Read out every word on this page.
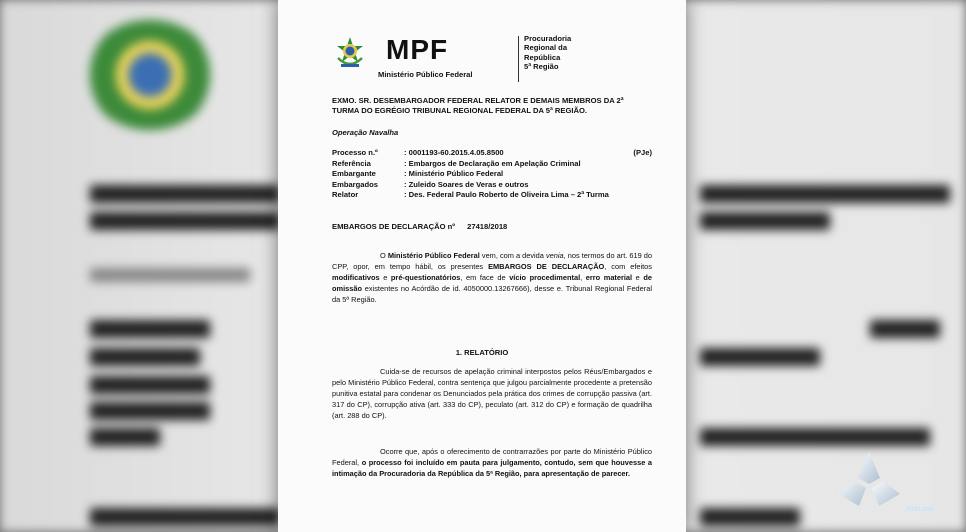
MPF
Ministério Público Federal
Procuradoria
Regional da
República
5ª Região
EXMO. SR. DESEMBARGADOR FEDERAL RELATOR E DEMAIS MEMBROS DA 2ª TURMA DO EGRÉGIO TRIBUNAL REGIONAL FEDERAL DA 5ª REGIÃO.
Operação Navalha
Processo n.º	: 0001193-60.2015.4.05.8500	(PJe)
Referência	: Embargos de Declaração em Apelação Criminal
Embargante	: Ministério Público Federal
Embargados	: Zuleido Soares de Veras e outros
Relator	: Des. Federal Paulo Roberto de Oliveira Lima – 2ª Turma
EMBARGOS DE DECLARAÇÃO nº 27418/2018
O Ministério Público Federal vem, com a devida venia, nos termos do art. 619 do CPP, opor, em tempo hábil, os presentes EMBARGOS DE DECLARAÇÃO, com efeitos modificativos e pré-questionatórios, em face de vício procedimental, erro material e de omissão existentes no Acórdão de id. 4050000.13267666), desse e. Tribunal Regional Federal da 5ª Região.
1. RELATÓRIO
Cuida-se de recursos de apelação criminal interpostos pelos Réus/Embargados e pelo Ministério Público Federal, contra sentença que julgou parcialmente procedente a pretensão punitiva estatal para condenar os Denunciados pela prática dos crimes de corrupção passiva (art. 317 do CP), corrupção ativa (art. 333 do CP), peculato (art. 312 do CP) e formação de quadrilha (art. 288 do CP).
Ocorre que, após o oferecimento de contrarrazões por parte do Ministério Público Federal, o processo foi incluído em pauta para julgamento, contudo, sem que houvesse a intimação da Procuradoria da República da 5ª Região, para apresentação de parecer.
ATALAIA
